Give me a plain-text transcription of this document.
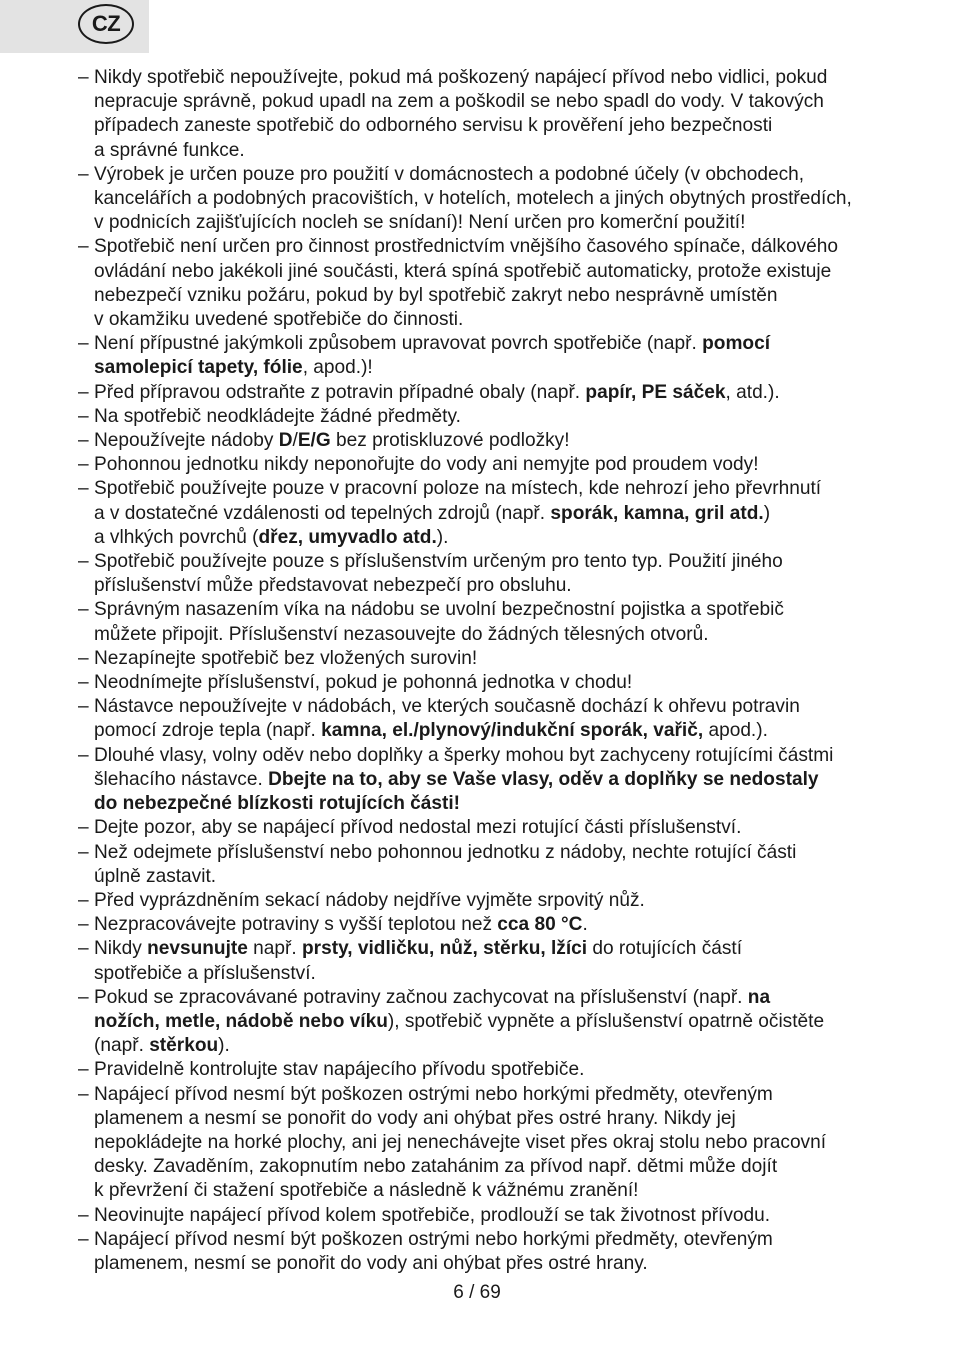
CZ
– Nikdy spotřebič nepoužívejte, pokud má poškozený napájecí přívod nebo vidlici, pokud
nepracuje správně, pokud upadl na zem a poškodil se nebo spadl do vody. V takových
případech zaneste spotřebič do odborného servisu k prověření jeho bezpečnosti
a správné funkce.
– Výrobek je určen pouze pro použití v domácnostech a podobné účely (v obchodech,
kancelářích a podobných pracovištích, v hotelích, motelech a jiných obytných prostředích,
v podnicích zajišťujících nocleh se snídaní)! Není určen pro komerční použití!
– Spotřebič není určen pro činnost prostřednictvím vnějšího časového spínače, dálkového
ovládání nebo jakékoli jiné součásti, která spíná spotřebič automaticky, protože existuje
nebezpečí vzniku požáru, pokud by byl spotřebič zakryt nebo nesprávně umístěn
v okamžiku uvedené spotřebiče do činnosti.
– Není přípustné jakýmkoli způsobem upravovat povrch spotřebiče (např. pomocí
samolepicí tapety, fólie, apod.)!
– Před přípravou odstraňte z potravin případné obaly (např. papír, PE sáček, atd.).
– Na spotřebič neodkládejte žádné předměty.
– Nepoužívejte nádoby D/E/G bez protiskluzové podložky!
– Pohonnou jednotku nikdy neponořujte do vody ani nemyjte pod proudem vody!
– Spotřebič používejte pouze v pracovní poloze na místech, kde nehrozí jeho převrhnutí
a v dostatečné vzdálenosti od tepelných zdrojů (např. sporák, kamna, gril atd.)
a vlhkých povrchů (dřez, umyvadlo atd.).
– Spotřebič používejte pouze s příslušenstvím určeným pro tento typ. Použití jiného
příslušenství může představovat nebezpečí pro obsluhu.
– Správným nasazením víka na nádobu se uvolní bezpečnostní pojistka a spotřebič
můžete připojit. Příslušenství nezasouvejte do žádných tělesných otvorů.
– Nezapínejte spotřebič bez vložených surovin!
– Neodnímejte příslušenství, pokud je pohonná jednotka v chodu!
– Nástavce nepoužívejte v nádobách, ve kterých současně dochází k ohřevu potravin
pomocí zdroje tepla (např. kamna, el./plynový/indukční sporák, vařič, apod.).
– Dlouhé vlasy, volny oděv nebo doplňky a šperky mohou byt zachyceny rotujícími částmi
šlehacího nástavce. Dbejte na to, aby se Vaše vlasy, oděv a doplňky se nedostaly
do nebezpečné blízkosti rotujících části!
– Dejte pozor, aby se napájecí přívod nedostal mezi rotující části příslušenství.
– Než odejmete příslušenství nebo pohonnou jednotku z nádoby, nechte rotující části
úplně zastavit.
– Před vyprázdněním sekací nádoby nejdříve vyjměte srpovitý nůž.
– Nezpracovávejte potraviny s vyšší teplotou než cca 80 °C.
– Nikdy nevsunujte např. prsty, vidličku, nůž, stěrku, lžíci do rotujících částí
spotřebiče a příslušenství.
– Pokud se zpracovávané potraviny začnou zachycovat na příslušenství (např. na
nožích, metle, nádobě nebo víku), spotřebič vypněte a příslušenství opatrně očistěte
(např. stěrkou).
– Pravidelně kontrolujte stav napájecího přívodu spotřebiče.
– Napájecí přívod nesmí být poškozen ostrými nebo horkými předměty, otevřeným
plamenem a nesmí se ponořit do vody ani ohýbat přes ostré hrany. Nikdy jej
nepokládejte na horké plochy, ani jej nenechávejte viset přes okraj stolu nebo pracovní
desky. Zavaděním, zakopnutím nebo zatahánim za přívod např. dětmi může dojít
k převržení či stažení spotřebiče a následně k vážnému zranění!
– Neovinujte napájecí přívod kolem spotřebiče, prodlouží se tak životnost přívodu.
– Napájecí přívod nesmí být poškozen ostrými nebo horkými předměty, otevřeným
plamenem, nesmí se ponořit do vody ani ohýbat přes ostré hrany.
6 / 69
